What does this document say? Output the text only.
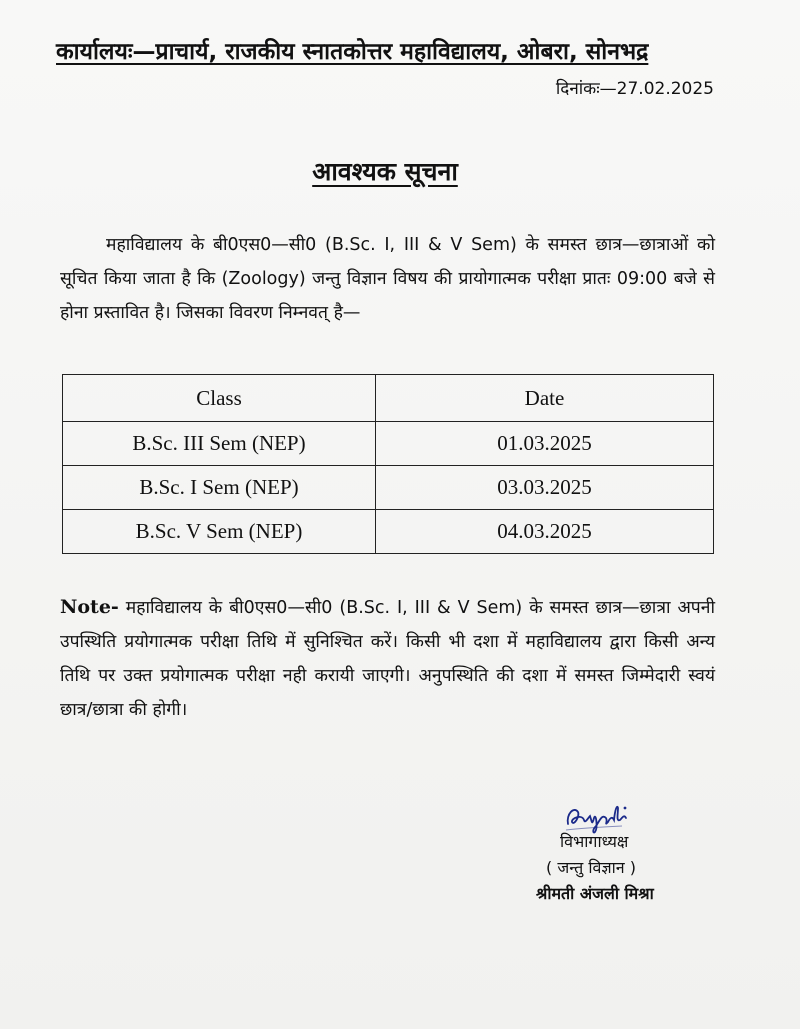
कार्यालयः—प्राचार्य, राजकीय स्नातकोत्तर महाविद्यालय, ओबरा, सोनभद्र
दिनांकः—27.02.2025
आवश्यक सूचना
महाविद्यालय के बी0एस0—सी0 (B.Sc. I, III & V Sem) के समस्त छात्र—छात्राओं को सूचित किया जाता है कि (Zoology) जन्तु विज्ञान विषय की प्रायोगात्मक परीक्षा प्रातः 09:00 बजे से होना प्रस्तावित है। जिसका विवरण निम्नवत् है—
Class	Date
B.Sc. III Sem (NEP)	01.03.2025
B.Sc. I Sem (NEP)	03.03.2025
B.Sc. V Sem (NEP)	04.03.2025
Note- महाविद्यालय के बी0एस0—सी0 (B.Sc. I, III & V Sem) के समस्त छात्र—छात्रा अपनी उपस्थिति प्रयोगात्मक परीक्षा तिथि में सुनिश्चित करें। किसी भी दशा में महाविद्यालय द्वारा किसी अन्य तिथि पर उक्त प्रयोगात्मक परीक्षा नही करायी जाएगी। अनुपस्थिति की दशा में समस्त जिम्मेदारी स्वयं छात्र/छात्रा की होगी।
विभागाध्यक्ष
( जन्तु विज्ञान )
श्रीमती अंजली मिश्रा
